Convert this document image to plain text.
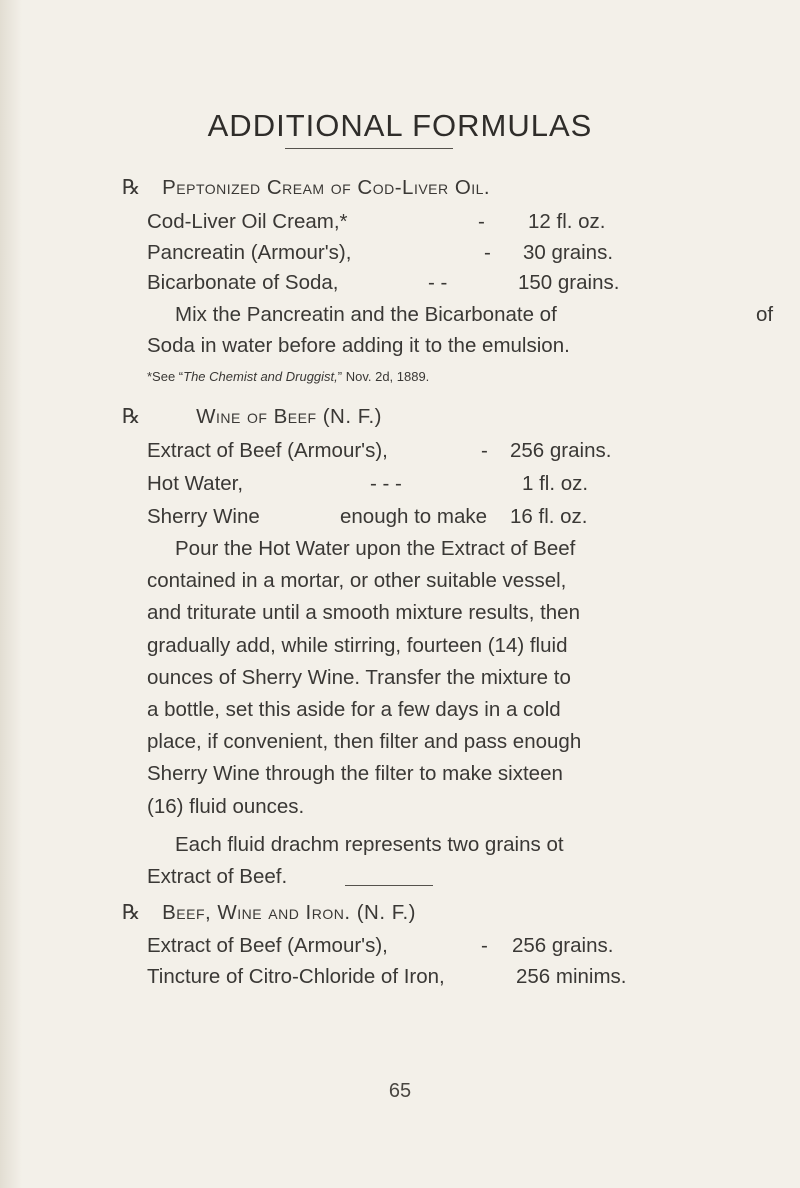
ADDITIONAL FORMULAS
℞ Peptonized Cream of Cod-Liver Oil.
Cod-Liver Oil Cream,*	- 12 fl. oz.
Pancreatin (Armour's),	- 30 grains.
Bicarbonate of Soda,	- -	150 grains.
Mix the Pancreatin and the Bicarbonate of	of
Soda in water before adding it to the emulsion.
*See “The Chemist and Druggist,” Nov. 2d, 1889.
℞	Wine of Beef (N. F.)
Extract of Beef (Armour's),	- 256 grains.
Hot Water,	- - -	1 fl. oz.
Sherry Wine	enough to make 16 fl. oz.
Pour the Hot Water upon the Extract of Beef
contained in a mortar, or other suitable vessel,
and triturate until a smooth mixture results, then
gradually add, while stirring, fourteen (14) fluid
ounces of Sherry Wine. Transfer the mixture to
a bottle, set this aside for a few days in a cold
place, if convenient, then filter and pass enough
Sherry Wine through the filter to make sixteen
(16) fluid ounces.
Each fluid drachm represents two grains ot
Extract of Beef.
℞ Beef, Wine and Iron. (N. F.)
Extract of Beef (Armour's),	- 256 grains.
Tincture of Citro-Chloride of Iron,	256 minims.
65
